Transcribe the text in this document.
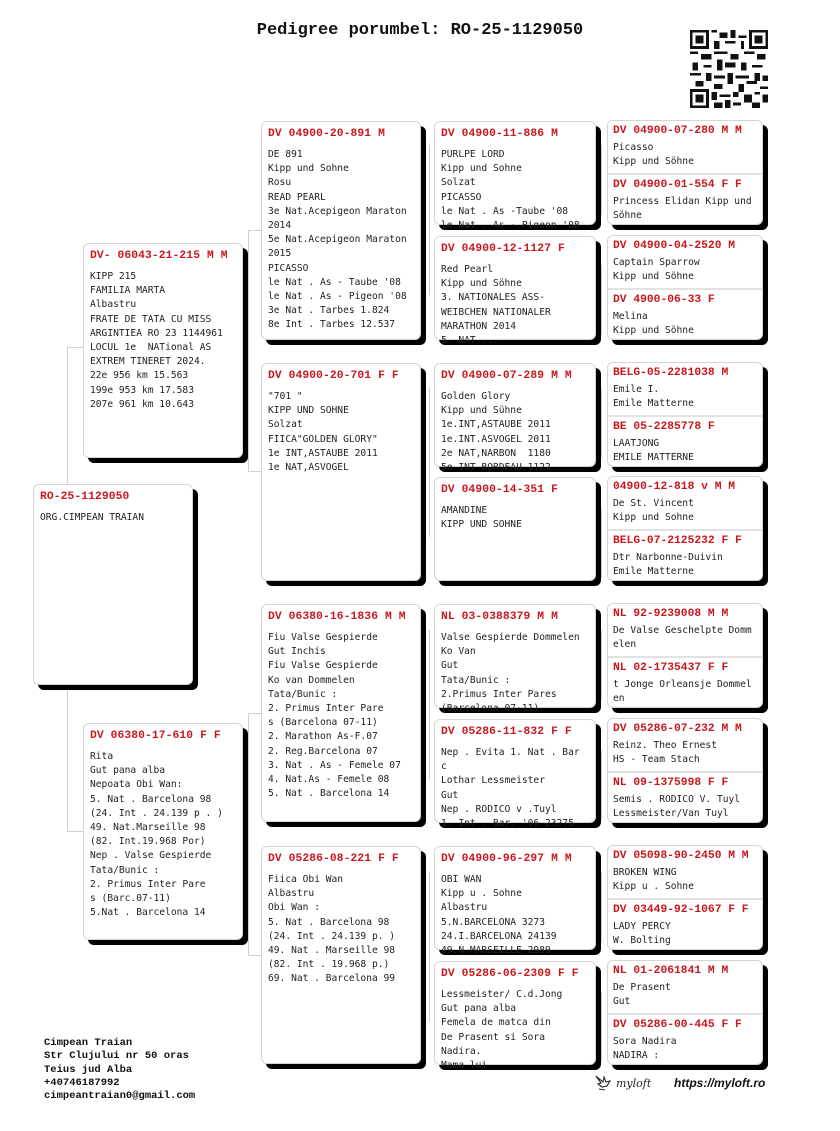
Pedigree porumbel: RO-25-1129050
RO-25-1129050
ORG.CIMPEAN TRAIAN
DV- 06043-21-215 M M
KIPP 215
FAMILIA MARTA
Albastru
FRATE DE TATA CU MISS
ARGINTIEA RO 23 1144961
LOCUL 1e  NATional AS
EXTREM TINERET 2024.
22e 956 km 15.563
199e 953 km 17.583
207e 961 km 10.643
DV 06380-17-610 F F
Rita
Gut pana alba
Nepoata Obi Wan:
5. Nat . Barcelona 98
(24. Int . 24.139 p . )
49. Nat.Marseille 98
(82. Int.19.968 Por)
Nep . Valse Gespierde
Tata/Bunic :
2. Primus Inter Pare
s (Barc.07-11)
5.Nat . Barcelona 14
DV 04900-20-891 M
DE 891
Kipp und Sohne
Rosu
READ PEARL
3e Nat.Acepigeon Maraton
2014
5e Nat.Acepigeon Maraton
2015
PICASSO
le Nat . As - Taube '08
le Nat . As - Pigeon '08
3e Nat . Tarbes 1.824
8e Int . Tarbes 12.537
DV 04900-20-701 F F
"701 "
KIPP UND SOHNE
Solzat
FIICA"GOLDEN GLORY"
1e INT,ASTAUBE 2011
1e NAT,ASVOGEL
DV 06380-16-1836 M M
Fiu Valse Gespierde
Gut Inchis
Fiu Valse Gespierde
Ko van Dommelen
Tata/Bunic :
2. Primus Inter Pare
s (Barcelona 07-11)
2. Marathon As-F.07
2. Reg.Barcelona 07
3. Nat . As - Femele 07
4. Nat.As - Femele 08
5. Nat . Barcelona 14
DV 05286-08-221 F F
Fiica Obi Wan
Albastru
Obi Wan :
5. Nat . Barcelona 98
(24. Int . 24.139 p. )
49. Nat . Marseille 98
(82. Int . 19.968 p.)
69. Nat . Barcelona 99
DV 04900-11-886 M
PURLPE LORD
Kipp und Sohne
Solzat
PICASSO
le Nat . As -Taube '08
le Nat . As - Pigeon '08
DV 04900-12-1127 F
Red Pearl
Kipp und Söhne
3. NATIONALES ASS-
WEIBCHEN NATIONALER
MARATHON 2014
5. NAT ...
DV 04900-07-289 M M
Golden Glory
Kipp und Sühne
1e.INT,ASTAUBE 2011
1e.INT.ASVOGEL 2011
2e NAT,NARBON  1180
5e INT BORDEAU 1122
DV 04900-14-351 F
AMANDINE
KIPP UND SOHNE
NL 03-0388379 M M
Valse Gespierde Dommelen
Ko Van
Gut
Tata/Bunic :
2.Primus Inter Pares
(Barcelona 07-11)
DV 05286-11-832 F F
Nep . Evita 1. Nat . Bar
c
Lothar Lessmeister
Gut
Nep . RODICO v .Tuyl
1. Int . Bar. '06 23275
DV 04900-96-297 M M
OBI WAN
Kipp u . Sohne
Albastru
5.N.BARCELONA 3273
24.I.BARCELONA 24139
49.N.MARSEILLE 2989
DV 05286-06-2309 F F
Lessmeister/ C.d.Jong
Gut pana alba
Femela de matca din
De Prasent si Sora
Nadira.
Mama lui
DV 04900-07-280 M M
Picasso
Kipp und Söhne
DV 04900-01-554 F F
Princess Elidan Kipp und
Söhne
DV 04900-04-2520 M
Captain Sparrow
Kipp und Söhne
DV 4900-06-33 F
Melina
Kipp und Söhne
BELG-05-2281038 M
Emile I.
Emile Matterne
BE 05-2285778 F
LAATJONG
EMILE MATTERNE
04900-12-818 v M M
De St. Vincent
Kipp und Sohne
BELG-07-2125232 F F
Dtr Narbonne-Duivin
Emile Matterne
NL 92-9239008 M M
De Valse Geschelpte Domm
elen
NL 02-1735437 F F
t Jonge Orleansje Dommel
en
DV 05286-07-232 M M
Reinz. Theo Ernest
HS - Team Stach
NL 09-1375998 F F
Semis . RODICO V. Tuyl
Lessmeister/Van Tuyl
DV 05098-90-2450 M M
BROKEN WING
Kipp u . Sohne
DV 03449-92-1067 F F
LADY PERCY
W. Bolting
NL 01-2061841 M M
De Prasent
Gut
DV 05286-00-445 F F
Sora Nadira
NADIRA :
Cimpean Traian
Str Clujului nr 50 oras
Teius jud Alba
+40746187992
cimpeantraian0@gmail.com
myloft https://myloft.ro
